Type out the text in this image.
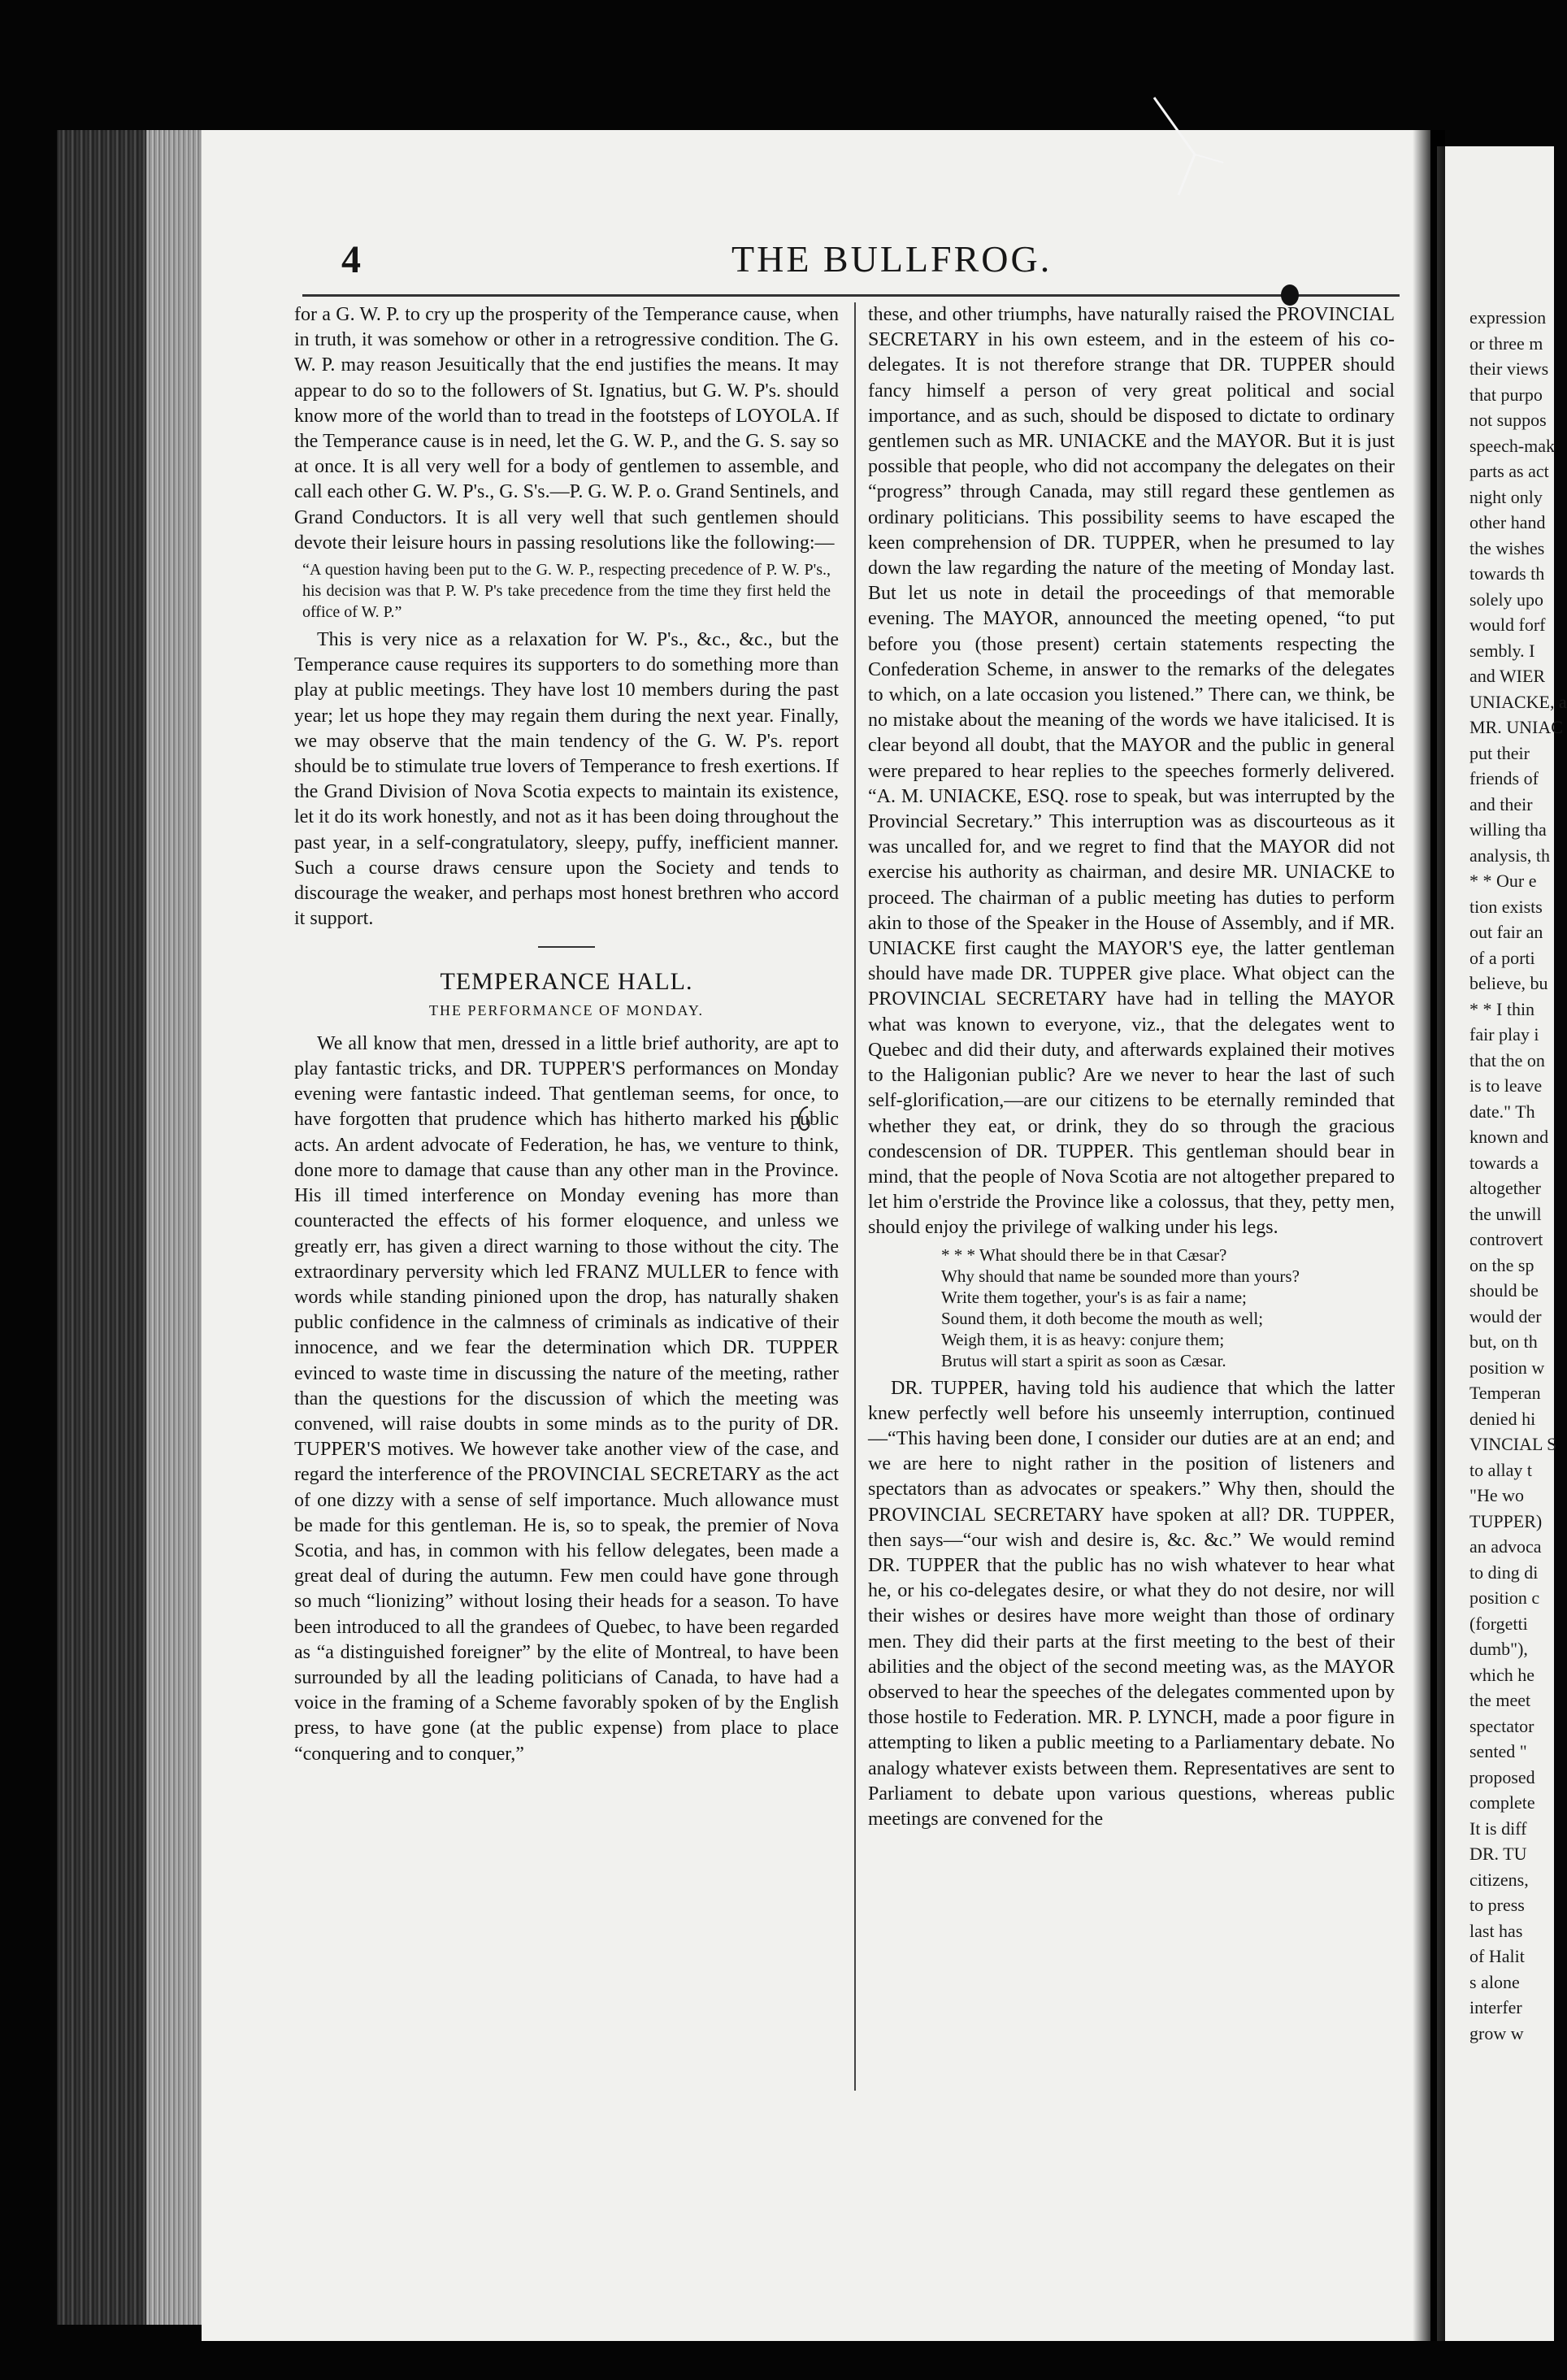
expression
or three m
their views
that purpo
not suppos
speech-mak
parts as act
night only
other hand
the wishes
towards th
solely upo
would forf
sembly. I
and WIER
UNIACKE, a
MR. UNIAC
put their
friends of
and their
willing tha
analysis, th
* * Our e
tion exists
out fair an
of a porti
believe, bu
* * I thin
fair play i
that the on
is to leave
date." Th
known and
towards a
altogether
the unwill
controvert
on the sp
should be
would der
but, on th
position w
Temperan
denied hi
VINCIAL S
to allay t
"He wo
TUPPER)
an advoca
to ding di
position c
(forgetti
dumb"),
which he
the meet
spectator
sented "
proposed
complete
It is diff
DR. TU
citizens,
to press
last has
of Halit
s alone
interfer
grow w
4	THE BULLFROG.

for a G. W. P. to cry up the prosperity of the Temperance cause, when in truth, it was somehow or other in a retrogressive condition. The G. W. P. may reason Jesuitically that the end justifies the means. It may appear to do so to the followers of St. Ignatius, but G. W. P's. should know more of the world than to tread in the footsteps of LOYOLA. If the Temperance cause is in need, let the G. W. P., and the G. S. say so at once. It is all very well for a body of gentlemen to assemble, and call each other G. W. P's., G. S's.—P. G. W. P. o. Grand Sentinels, and Grand Conductors. It is all very well that such gentlemen should devote their leisure hours in passing resolutions like the following:—

“A question having been put to the G. W. P., respecting precedence of P. W. P's., his decision was that P. W. P's take precedence from the time they first held the office of W. P.”

This is very nice as a relaxation for W. P's., &c., &c., but the Temperance cause requires its supporters to do something more than play at public meetings. They have lost 10 members during the past year; let us hope they may regain them during the next year. Finally, we may observe that the main tendency of the G. W. P's. report should be to stimulate true lovers of Temperance to fresh exertions. If the Grand Division of Nova Scotia expects to maintain its existence, let it do its work honestly, and not as it has been doing throughout the past year, in a self-congratulatory, sleepy, puffy, inefficient manner. Such a course draws censure upon the Society and tends to discourage the weaker, and perhaps most honest brethren who accord it support.

TEMPERANCE HALL.

THE PERFORMANCE OF MONDAY.

We all know that men, dressed in a little brief authority, are apt to play fantastic tricks, and DR. TUPPER'S performances on Monday evening were fantastic indeed. That gentleman seems, for once, to have forgotten that prudence which has hitherto marked his public acts. An ardent advocate of Federation, he has, we venture to think, done more to damage that cause than any other man in the Province. His ill timed interference on Monday evening has more than counteracted the effects of his former eloquence, and unless we greatly err, has given a direct warning to those without the city. The extraordinary perversity which led FRANZ MULLER to fence with words while standing pinioned upon the drop, has naturally shaken public confidence in the calmness of criminals as indicative of their innocence, and we fear the determination which DR. TUPPER evinced to waste time in discussing the nature of the meeting, rather than the questions for the discussion of which the meeting was convened, will raise doubts in some minds as to the purity of DR. TUPPER'S motives. We however take another view of the case, and regard the interference of the PROVINCIAL SECRETARY as the act of one dizzy with a sense of self importance. Much allowance must be made for this gentleman. He is, so to speak, the premier of Nova Scotia, and has, in common with his fellow delegates, been made a great deal of during the autumn. Few men could have gone through so much “lionizing” without losing their heads for a season. To have been introduced to all the grandees of Quebec, to have been regarded as “a distinguished foreigner” by the elite of Montreal, to have been surrounded by all the leading politicians of Canada, to have had a voice in the framing of a Scheme favorably spoken of by the English press, to have gone (at the public expense) from place to place “conquering and to conquer,”

these, and other triumphs, have naturally raised the PROVINCIAL SECRETARY in his own esteem, and in the esteem of his co-delegates. It is not therefore strange that DR. TUPPER should fancy himself a person of very great political and social importance, and as such, should be disposed to dictate to ordinary gentlemen such as MR. UNIACKE and the MAYOR. But it is just possible that people, who did not accompany the delegates on their “progress” through Canada, may still regard these gentlemen as ordinary politicians. This possibility seems to have escaped the keen comprehension of DR. TUPPER, when he presumed to lay down the law regarding the nature of the meeting of Monday last. But let us note in detail the proceedings of that memorable evening. The MAYOR, announced the meeting opened, “to put before you (those present) certain statements respecting the Confederation Scheme, in answer to the remarks of the delegates to which, on a late occasion you listened.” There can, we think, be no mistake about the meaning of the words we have italicised. It is clear beyond all doubt, that the MAYOR and the public in general were prepared to hear replies to the speeches formerly delivered. “A. M. UNIACKE, ESQ. rose to speak, but was interrupted by the Provincial Secretary.” This interruption was as discourteous as it was uncalled for, and we regret to find that the MAYOR did not exercise his authority as chairman, and desire MR. UNIACKE to proceed. The chairman of a public meeting has duties to perform akin to those of the Speaker in the House of Assembly, and if MR. UNIACKE first caught the MAYOR'S eye, the latter gentleman should have made DR. TUPPER give place. What object can the PROVINCIAL SECRETARY have had in telling the MAYOR what was known to everyone, viz., that the delegates went to Quebec and did their duty, and afterwards explained their motives to the Haligonian public? Are we never to hear the last of such self-glorification,—are our citizens to be eternally reminded that whether they eat, or drink, they do so through the gracious condescension of DR. TUPPER. This gentleman should bear in mind, that the people of Nova Scotia are not altogether prepared to let him o'erstride the Province like a colossus, that they, petty men, should enjoy the privilege of walking under his legs.

* * * What should there be in that Cæsar?
Why should that name be sounded more than yours?
Write them together, your's is as fair a name;
Sound them, it doth become the mouth as well;
Weigh them, it is as heavy: conjure them;
Brutus will start a spirit as soon as Cæsar.

DR. TUPPER, having told his audience that which the latter knew perfectly well before his unseemly interruption, continued—“This having been done, I consider our duties are at an end; and we are here to night rather in the position of listeners and spectators than as advocates or speakers.” Why then, should the PROVINCIAL SECRETARY have spoken at all? DR. TUPPER, then says—“our wish and desire is, &c. &c.” We would remind DR. TUPPER that the public has no wish whatever to hear what he, or his co-delegates desire, or what they do not desire, nor will their wishes or desires have more weight than those of ordinary men. They did their parts at the first meeting to the best of their abilities and the object of the second meeting was, as the MAYOR observed to hear the speeches of the delegates commented upon by those hostile to Federation. MR. P. LYNCH, made a poor figure in attempting to liken a public meeting to a Parliamentary debate. No analogy whatever exists between them. Representatives are sent to Parliament to debate upon various questions, whereas public meetings are convened for the
